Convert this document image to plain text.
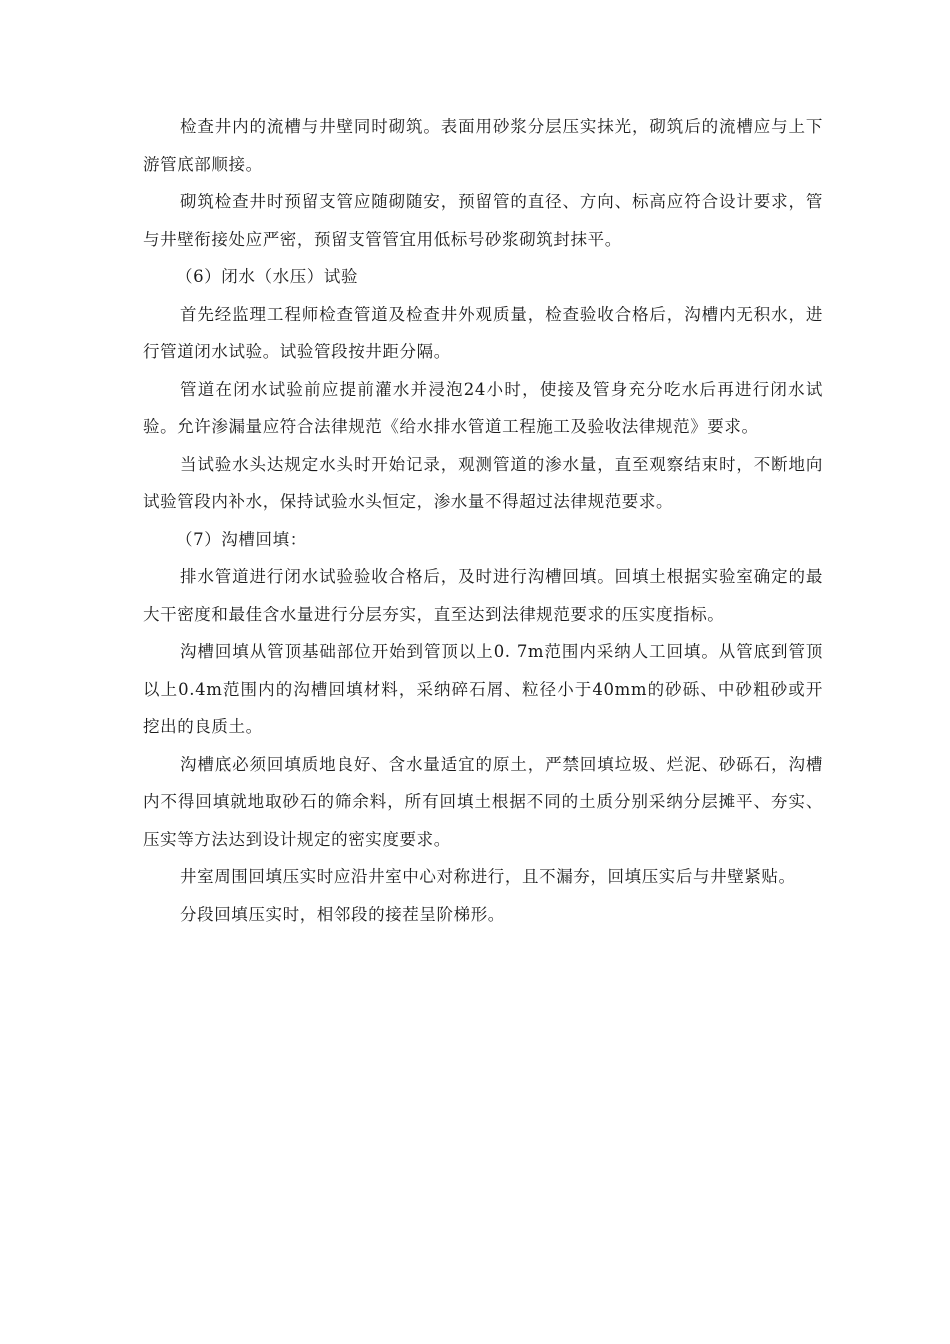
检查井内的流槽与井壁同时砌筑。表面用砂浆分层压实抹光，砌筑后的流槽应与上下游管底部顺接。

砌筑检查井时预留支管应随砌随安，预留管的直径、方向、标高应符合设计要求，管与井壁衔接处应严密，预留支管管宜用低标号砂浆砌筑封抹平。

（6）闭水（水压）试验

首先经监理工程师检查管道及检查井外观质量，检查验收合格后，沟槽内无积水，进行管道闭水试验。试验管段按井距分隔。

管道在闭水试验前应提前灌水并浸泡24小时，使接及管身充分吃水后再进行闭水试验。允许渗漏量应符合法律规范《给水排水管道工程施工及验收法律规范》要求。

当试验水头达规定水头时开始记录，观测管道的渗水量，直至观察结束时，不断地向试验管段内补水，保持试验水头恒定，渗水量不得超过法律规范要求。

（7）沟槽回填：

排水管道进行闭水试验验收合格后，及时进行沟槽回填。回填土根据实验室确定的最大干密度和最佳含水量进行分层夯实，直至达到法律规范要求的压实度指标。

沟槽回填从管顶基础部位开始到管顶以上0. 7m范围内采纳人工回填。从管底到管顶以上0.4m范围内的沟槽回填材料，采纳碎石屑、粒径小于40mm的砂砾、中砂粗砂或开挖出的良质土。

沟槽底必须回填质地良好、含水量适宜的原土，严禁回填垃圾、烂泥、砂砾石，沟槽内不得回填就地取砂石的筛余料，所有回填土根据不同的土质分别采纳分层摊平、夯实、压实等方法达到设计规定的密实度要求。

井室周围回填压实时应沿井室中心对称进行，且不漏夯，回填压实后与井壁紧贴。

分段回填压实时，相邻段的接茬呈阶梯形。
